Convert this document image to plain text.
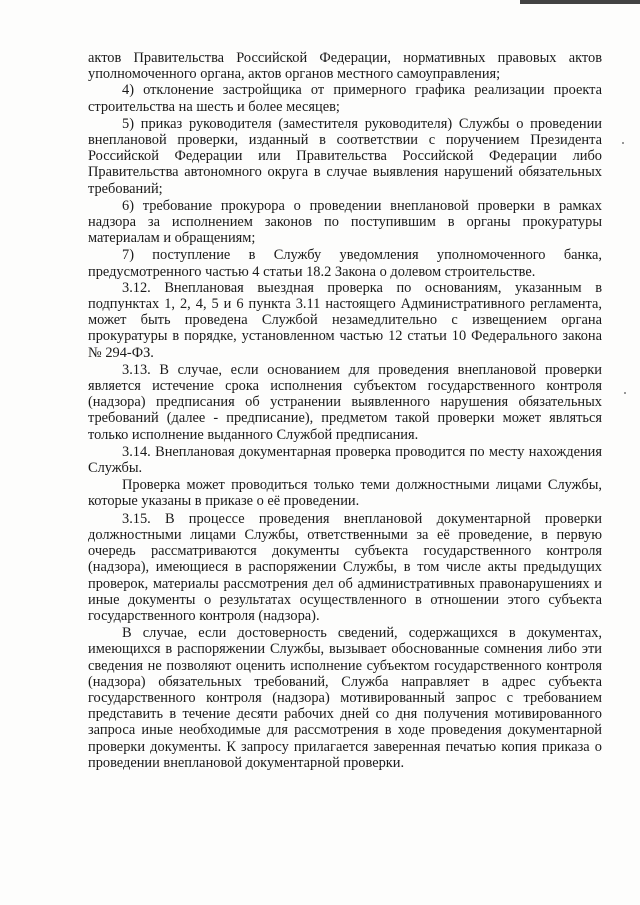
актов Правительства Российской Федерации, нормативных правовых актов уполномоченного органа, актов органов местного самоуправления;

4) отклонение застройщика от примерного графика реализации проекта строительства на шесть и более месяцев;

5) приказ руководителя (заместителя руководителя) Службы о проведении внеплановой проверки, изданный в соответствии с поручением Президента Российской Федерации или Правительства Российской Федерации либо Правительства автономного округа в случае выявления нарушений обязательных требований;

6) требование прокурора о проведении внеплановой проверки в рамках надзора за исполнением законов по поступившим в органы прокуратуры материалам и обращениям;

7) поступление в Службу уведомления уполномоченного банка, предусмотренного частью 4 статьи 18.2 Закона о долевом строительстве.

3.12. Внеплановая выездная проверка по основаниям, указанным в подпунктах 1, 2, 4, 5 и 6 пункта 3.11 настоящего Административного регламента, может быть проведена Службой незамедлительно с извещением органа прокуратуры в порядке, установленном частью 12 статьи 10 Федерального закона № 294-ФЗ.

3.13. В случае, если основанием для проведения внеплановой проверки является истечение срока исполнения субъектом государственного контроля (надзора) предписания об устранении выявленного нарушения обязательных требований (далее - предписание), предметом такой проверки может являться только исполнение выданного Службой предписания.

3.14. Внеплановая документарная проверка проводится по месту нахождения Службы.

Проверка может проводиться только теми должностными лицами Службы, которые указаны в приказе о её проведении.

3.15. В процессе проведения внеплановой документарной проверки должностными лицами Службы, ответственными за её проведение, в первую очередь рассматриваются документы субъекта государственного контроля (надзора), имеющиеся в распоряжении Службы, в том числе акты предыдущих проверок, материалы рассмотрения дел об административных правонарушениях и иные документы о результатах осуществленного в отношении этого субъекта государственного контроля (надзора).

В случае, если достоверность сведений, содержащихся в документах, имеющихся в распоряжении Службы, вызывает обоснованные сомнения либо эти сведения не позволяют оценить исполнение субъектом государственного контроля (надзора) обязательных требований, Служба направляет в адрес субъекта государственного контроля (надзора) мотивированный запрос с требованием представить в течение десяти рабочих дней со дня получения мотивированного запроса иные необходимые для рассмотрения в ходе проведения документарной проверки документы. К запросу прилагается заверенная печатью копия приказа о проведении внеплановой документарной проверки.
